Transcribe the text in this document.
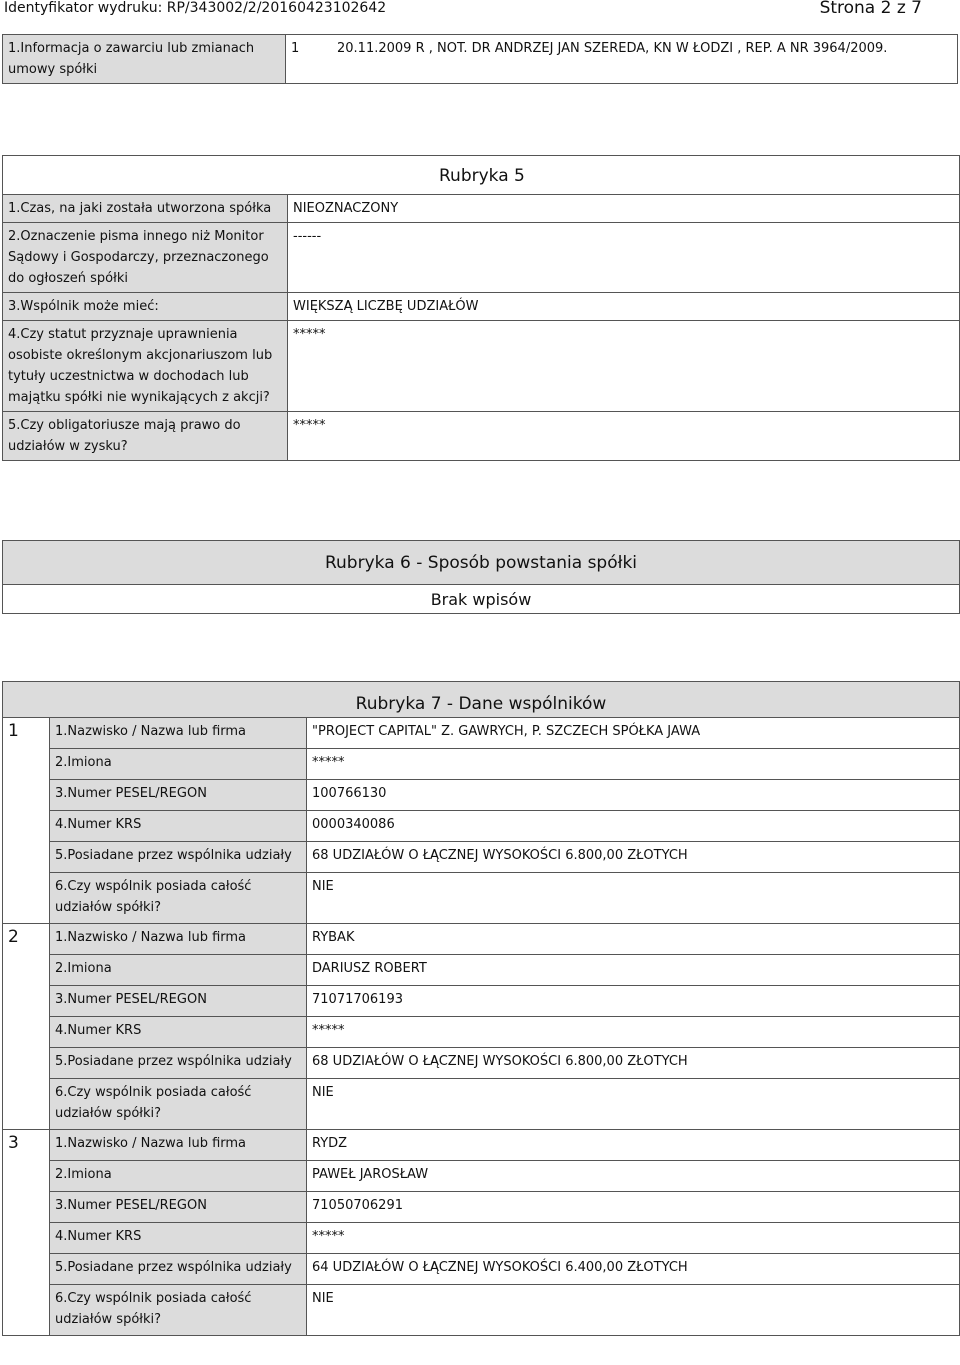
Identyfikator wydruku: RP/343002/2/20160423102642	Strona 2 z 7
1.Informacja o zawarciu lub zmianach umowy spółki	1	20.11.2009 R , NOT. DR ANDRZEJ JAN SZEREDA, KN W ŁODZI , REP. A NR 3964/2009.
Rubryka 5
1.Czas, na jaki została utworzona spółka	NIEOZNACZONY
2.Oznaczenie pisma innego niż Monitor Sądowy i Gospodarczy, przeznaczonego do ogłoszeń spółki	------
3.Wspólnik może mieć:	WIĘKSZĄ LICZBĘ UDZIAŁÓW
4.Czy statut przyznaje uprawnienia osobiste określonym akcjonariuszom lub tytuły uczestnictwa w dochodach lub majątku spółki nie wynikających z akcji?	*****
5.Czy obligatoriusze mają prawo do udziałów w zysku?	*****
Rubryka 6 - Sposób powstania spółki
Brak wpisów
Rubryka 7 - Dane wspólników
1	1.Nazwisko / Nazwa lub firma	"PROJECT CAPITAL" Z. GAWRYCH, P. SZCZECH SPÓŁKA JAWA
	2.Imiona	*****
	3.Numer PESEL/REGON	100766130
	4.Numer KRS	0000340086
	5.Posiadane przez wspólnika udziały	68 UDZIAŁÓW O ŁĄCZNEJ WYSOKOŚCI 6.800,00 ZŁOTYCH
	6.Czy wspólnik posiada całość udziałów spółki?	NIE
2	1.Nazwisko / Nazwa lub firma	RYBAK
	2.Imiona	DARIUSZ ROBERT
	3.Numer PESEL/REGON	71071706193
	4.Numer KRS	*****
	5.Posiadane przez wspólnika udziały	68 UDZIAŁÓW O ŁĄCZNEJ WYSOKOŚCI 6.800,00 ZŁOTYCH
	6.Czy wspólnik posiada całość udziałów spółki?	NIE
3	1.Nazwisko / Nazwa lub firma	RYDZ
	2.Imiona	PAWEŁ JAROSŁAW
	3.Numer PESEL/REGON	71050706291
	4.Numer KRS	*****
	5.Posiadane przez wspólnika udziały	64 UDZIAŁÓW O ŁĄCZNEJ WYSOKOŚCI 6.400,00 ZŁOTYCH
	6.Czy wspólnik posiada całość udziałów spółki?	NIE
